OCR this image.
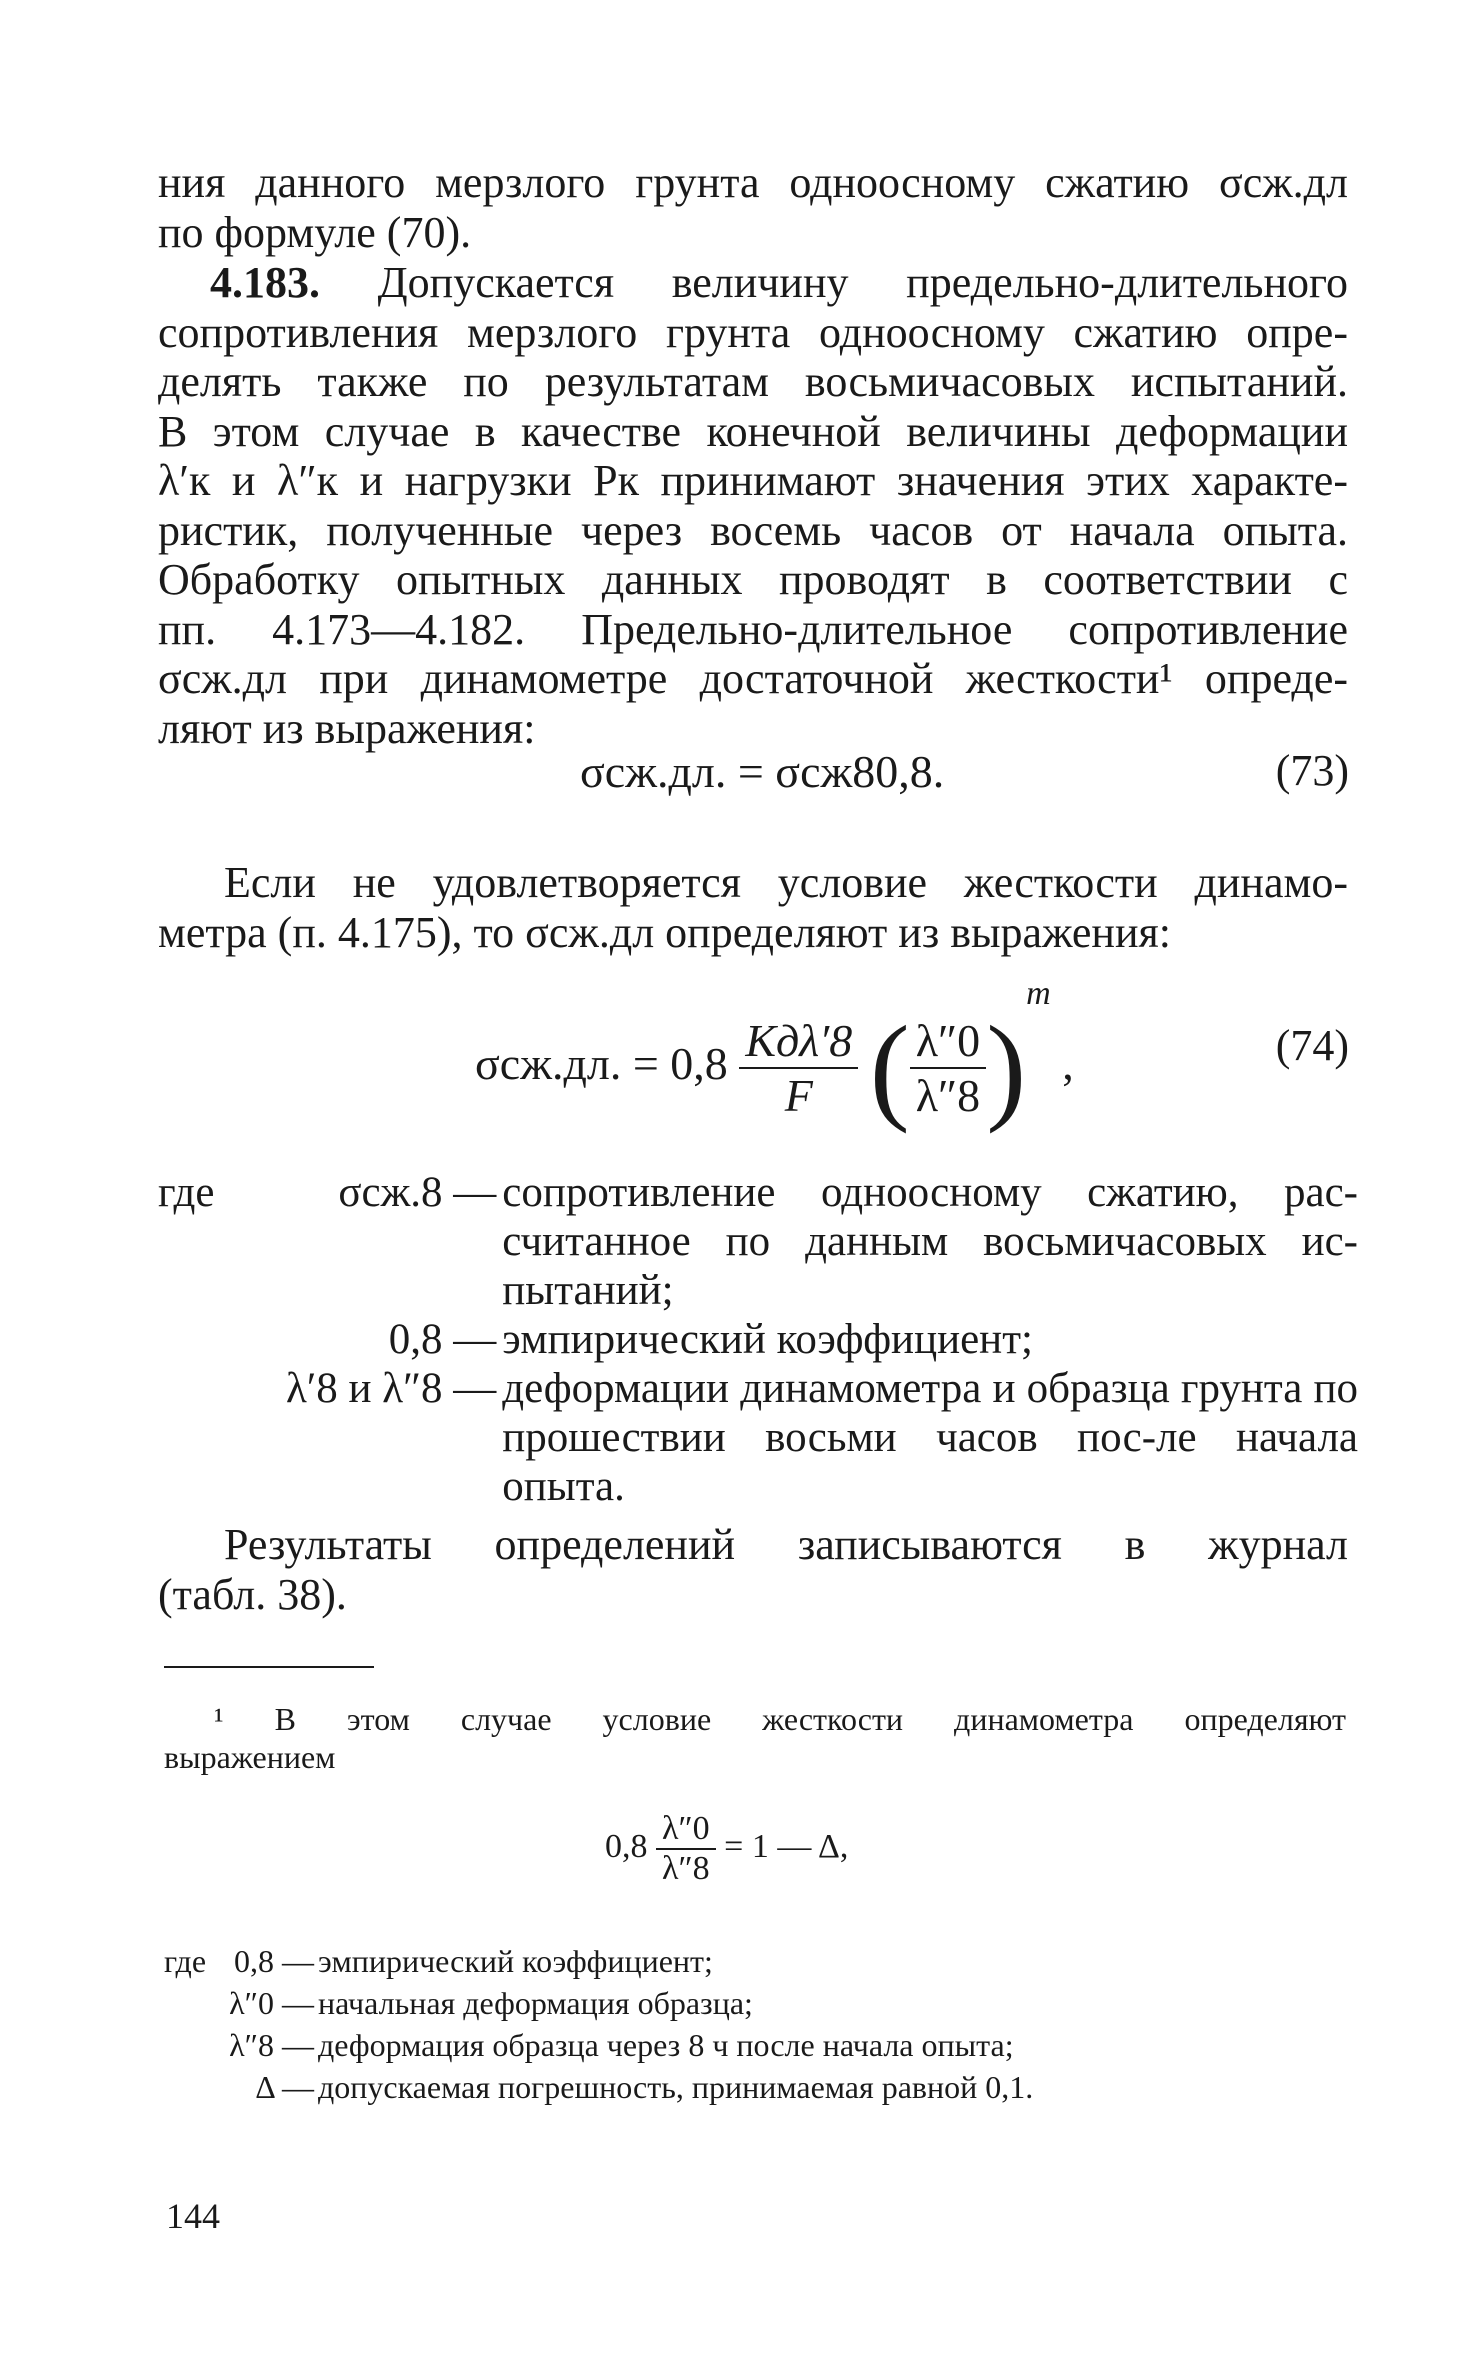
ния данного мерзлого грунта одноосному сжатию σсж.дл
по формуле (70).
4.183. Допускается величину предельно-длительного
сопротивления мерзлого грунта одноосному сжатию опре-
делять также по результатам восьмичасовых испытаний.
В этом случае в качестве конечной величины деформации
λ′к и λ″к и нагрузки Pк принимают значения этих характе-
ристик, полученные через восемь часов от начала опыта.
Обработку опытных данных проводят в соответствии с
пп. 4.173—4.182. Предельно-длительное сопротивление
σсж.дл при динамометре достаточной жесткости¹ опреде-
ляют из выражения:
σсж.дл. = σсж80,8.	(73)
Если не удовлетворяется условие жесткости динамо-
метра (п. 4.175), то σсж.дл определяют из выражения:
σсж.дл. = $0,8 \frac{\text{Kдλ′8}}{F}$ ( $\frac{\lambda''0}{\lambda''8} )^m$ ,	(74)
где	σсж.8 — сопротивление одноосному сжатию, рас-считанное по данным восьмичасовых ис-пытаний;
0,8 — эмпирический коэффициент;
λ′8 и λ″8 — деформации динамометра и образца грунта по прошествии восьми часов пос-ле начала опыта.
Результаты определений записываются в журнал
(табл. 38).
¹ В этом случае условие жесткости динамометра определяют
выражением
$0,8 \frac{\lambda''0}{\lambda''8} = 1$ — Δ,
где 0,8 — эмпирический коэффициент;
λ″0 — начальная деформация образца;
λ″8 — деформация образца через 8 ч после начала опыта;
Δ — допускаемая погрешность, принимаемая равной 0,1.
144
